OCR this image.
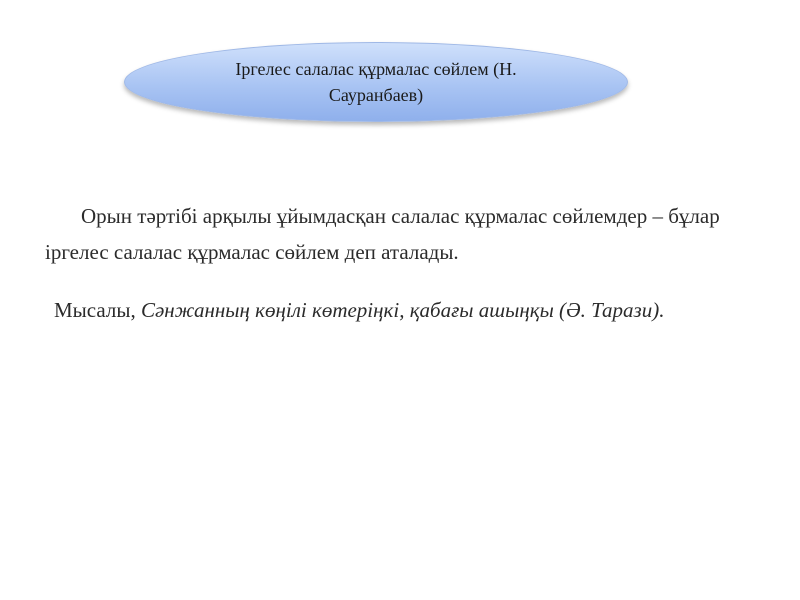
Іргелес салалас құрмалас сөйлем (Н. Сауранбаев)

Орын тәртібі арқылы ұйымдасқан салалас құрмалас сөйлемдер – бұлар іргелес салалас құрмалас сөйлем деп аталады.

Мысалы, Сәнжанның көңілі көтеріңкі, қабағы ашыңқы (Ә. Тарази).
